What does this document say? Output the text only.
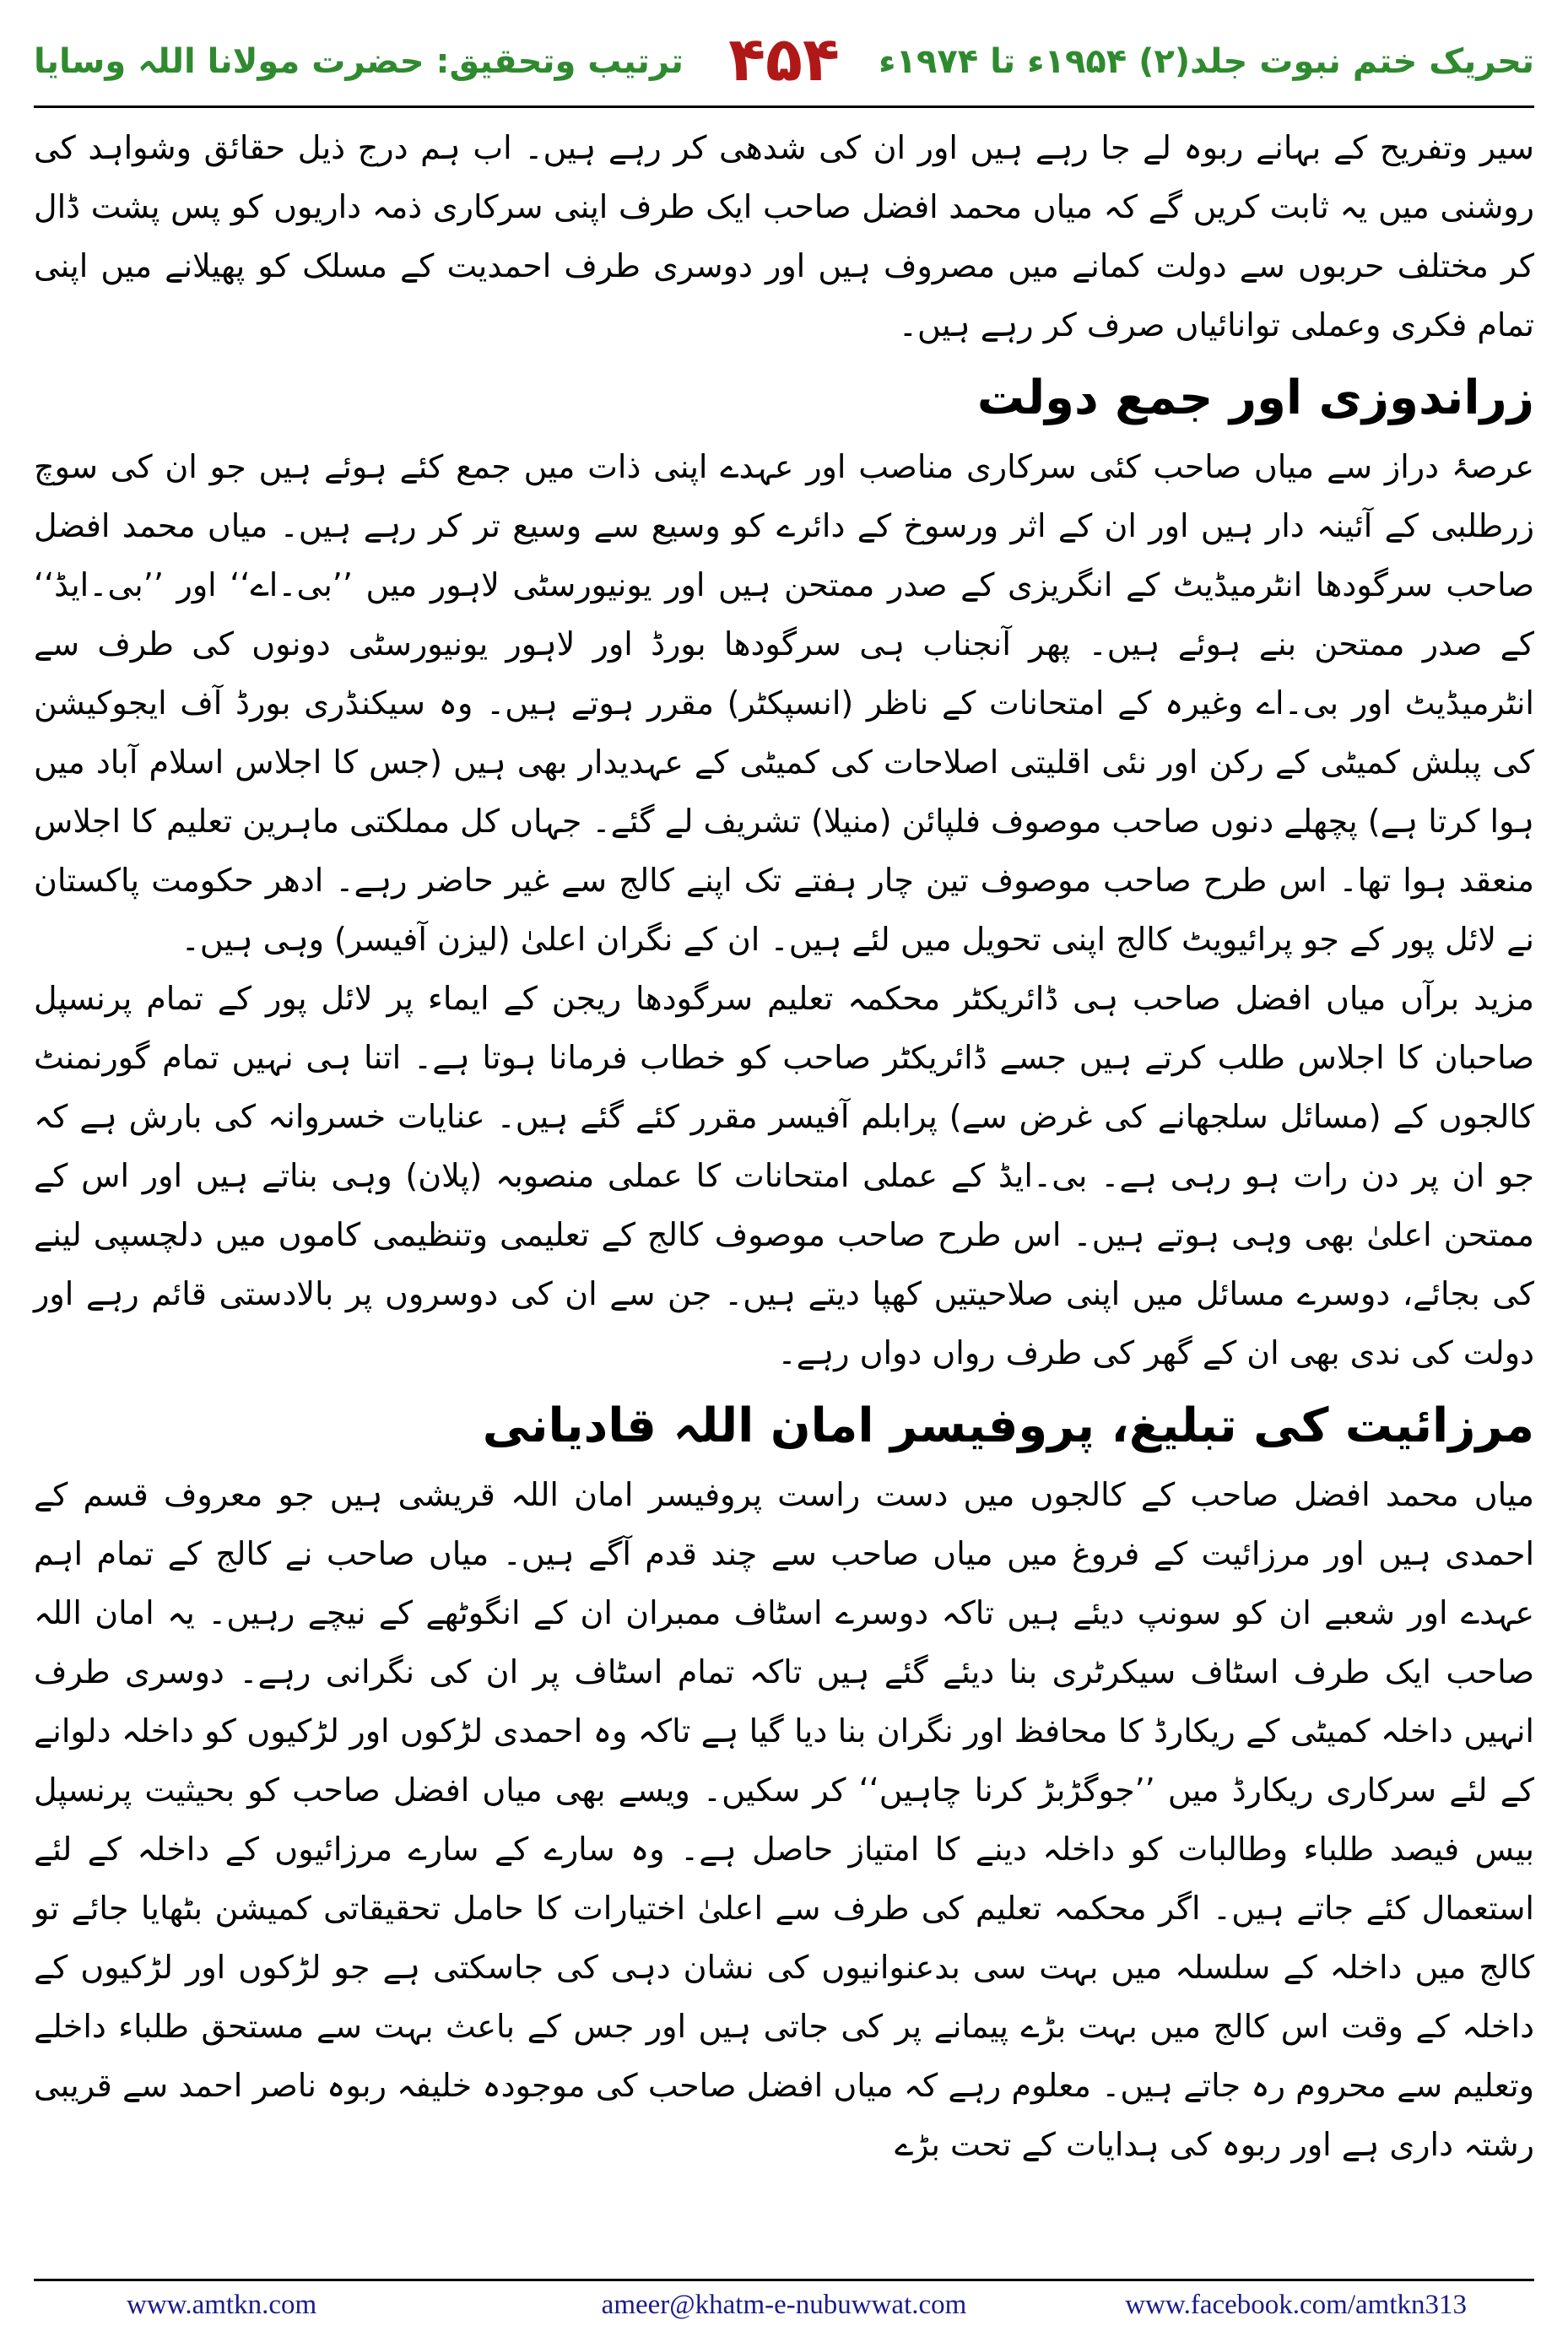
تحریک ختم نبوت جلد(۲) ۱۹۵۴ء تا ۱۹۷۴ء
۴۵۴
ترتیب وتحقیق: حضرت مولانا اللہ وسایا

سیر وتفریح کے بہانے ربوہ لے جا رہے ہیں اور ان کی شدھی کر رہے ہیں۔ اب ہم درج ذیل حقائق وشواہد کی روشنی میں یہ ثابت کریں گے کہ میاں محمد افضل صاحب ایک طرف اپنی سرکاری ذمہ داریوں کو پس پشت ڈال کر مختلف حربوں سے دولت کمانے میں مصروف ہیں اور دوسری طرف احمدیت کے مسلک کو پھیلانے میں اپنی تمام فکری وعملی توانائیاں صرف کر رہے ہیں۔

زراندوزی اور جمع دولت

عرصۂ دراز سے میاں صاحب کئی سرکاری مناصب اور عہدے اپنی ذات میں جمع کئے ہوئے ہیں جو ان کی سوچ زرطلبی کے آئینہ دار ہیں اور ان کے اثر ورسوخ کے دائرے کو وسیع سے وسیع تر کر رہے ہیں۔ میاں محمد افضل صاحب سرگودھا انٹرمیڈیٹ کے انگریزی کے صدر ممتحن ہیں اور یونیورسٹی لاہور میں ’’بی۔اے‘‘ اور ’’بی۔ایڈ‘‘ کے صدر ممتحن بنے ہوئے ہیں۔ پھر آنجناب ہی سرگودھا بورڈ اور لاہور یونیورسٹی دونوں کی طرف سے انٹرمیڈیٹ اور بی۔اے وغیرہ کے امتحانات کے ناظر (انسپکٹر) مقرر ہوتے ہیں۔ وہ سیکنڈری بورڈ آف ایجوکیشن کی پبلش کمیٹی کے رکن اور نئی اقلیتی اصلاحات کی کمیٹی کے عہدیدار بھی ہیں (جس کا اجلاس اسلام آباد میں ہوا کرتا ہے) پچھلے دنوں صاحب موصوف فلپائن (منیلا) تشریف لے گئے۔ جہاں کل مملکتی ماہرین تعلیم کا اجلاس منعقد ہوا تھا۔ اس طرح صاحب موصوف تین چار ہفتے تک اپنے کالج سے غیر حاضر رہے۔ ادھر حکومت پاکستان نے لائل پور کے جو پرائیویٹ کالج اپنی تحویل میں لئے ہیں۔ ان کے نگران اعلیٰ (لیزن آفیسر) وہی ہیں۔

مزید برآں میاں افضل صاحب ہی ڈائریکٹر محکمہ تعلیم سرگودھا ریجن کے ایماء پر لائل پور کے تمام پرنسپل صاحبان کا اجلاس طلب کرتے ہیں جسے ڈائریکٹر صاحب کو خطاب فرمانا ہوتا ہے۔ اتنا ہی نہیں تمام گورنمنٹ کالجوں کے (مسائل سلجھانے کی غرض سے) پرابلم آفیسر مقرر کئے گئے ہیں۔ عنایات خسروانہ کی بارش ہے کہ جو ان پر دن رات ہو رہی ہے۔ بی۔ایڈ کے عملی امتحانات کا عملی منصوبہ (پلان) وہی بناتے ہیں اور اس کے ممتحن اعلیٰ بھی وہی ہوتے ہیں۔ اس طرح صاحب موصوف کالج کے تعلیمی وتنظیمی کاموں میں دلچسپی لینے کی بجائے، دوسرے مسائل میں اپنی صلاحیتیں کھپا دیتے ہیں۔ جن سے ان کی دوسروں پر بالادستی قائم رہے اور دولت کی ندی بھی ان کے گھر کی طرف رواں دواں رہے۔

مرزائیت کی تبلیغ، پروفیسر امان اللہ قادیانی

میاں محمد افضل صاحب کے کالجوں میں دست راست پروفیسر امان اللہ قریشی ہیں جو معروف قسم کے احمدی ہیں اور مرزائیت کے فروغ میں میاں صاحب سے چند قدم آگے ہیں۔ میاں صاحب نے کالج کے تمام اہم عہدے اور شعبے ان کو سونپ دیئے ہیں تاکہ دوسرے اسٹاف ممبران ان کے انگوٹھے کے نیچے رہیں۔ یہ امان اللہ صاحب ایک طرف اسٹاف سیکرٹری بنا دیئے گئے ہیں تاکہ تمام اسٹاف پر ان کی نگرانی رہے۔ دوسری طرف انہیں داخلہ کمیٹی کے ریکارڈ کا محافظ اور نگران بنا دیا گیا ہے تاکہ وہ احمدی لڑکوں اور لڑکیوں کو داخلہ دلوانے کے لئے سرکاری ریکارڈ میں ’’جوگڑبڑ کرنا چاہیں‘‘ کر سکیں۔ ویسے بھی میاں افضل صاحب کو بحیثیت پرنسپل بیس فیصد طلباء وطالبات کو داخلہ دینے کا امتیاز حاصل ہے۔ وہ سارے کے سارے مرزائیوں کے داخلہ کے لئے استعمال کئے جاتے ہیں۔ اگر محکمہ تعلیم کی طرف سے اعلیٰ اختیارات کا حامل تحقیقاتی کمیشن بٹھایا جائے تو کالج میں داخلہ کے سلسلہ میں بہت سی بدعنوانیوں کی نشان دہی کی جاسکتی ہے جو لڑکوں اور لڑکیوں کے داخلہ کے وقت اس کالج میں بہت بڑے پیمانے پر کی جاتی ہیں اور جس کے باعث بہت سے مستحق طلباء داخلے وتعلیم سے محروم رہ جاتے ہیں۔ معلوم رہے کہ میاں افضل صاحب کی موجودہ خلیفہ ربوہ ناصر احمد سے قریبی رشتہ داری ہے اور ربوہ کی ہدایات کے تحت بڑے

www.amtkn.com	ameer@khatm-e-nubuwwat.com	www.facebook.com/amtkn313
